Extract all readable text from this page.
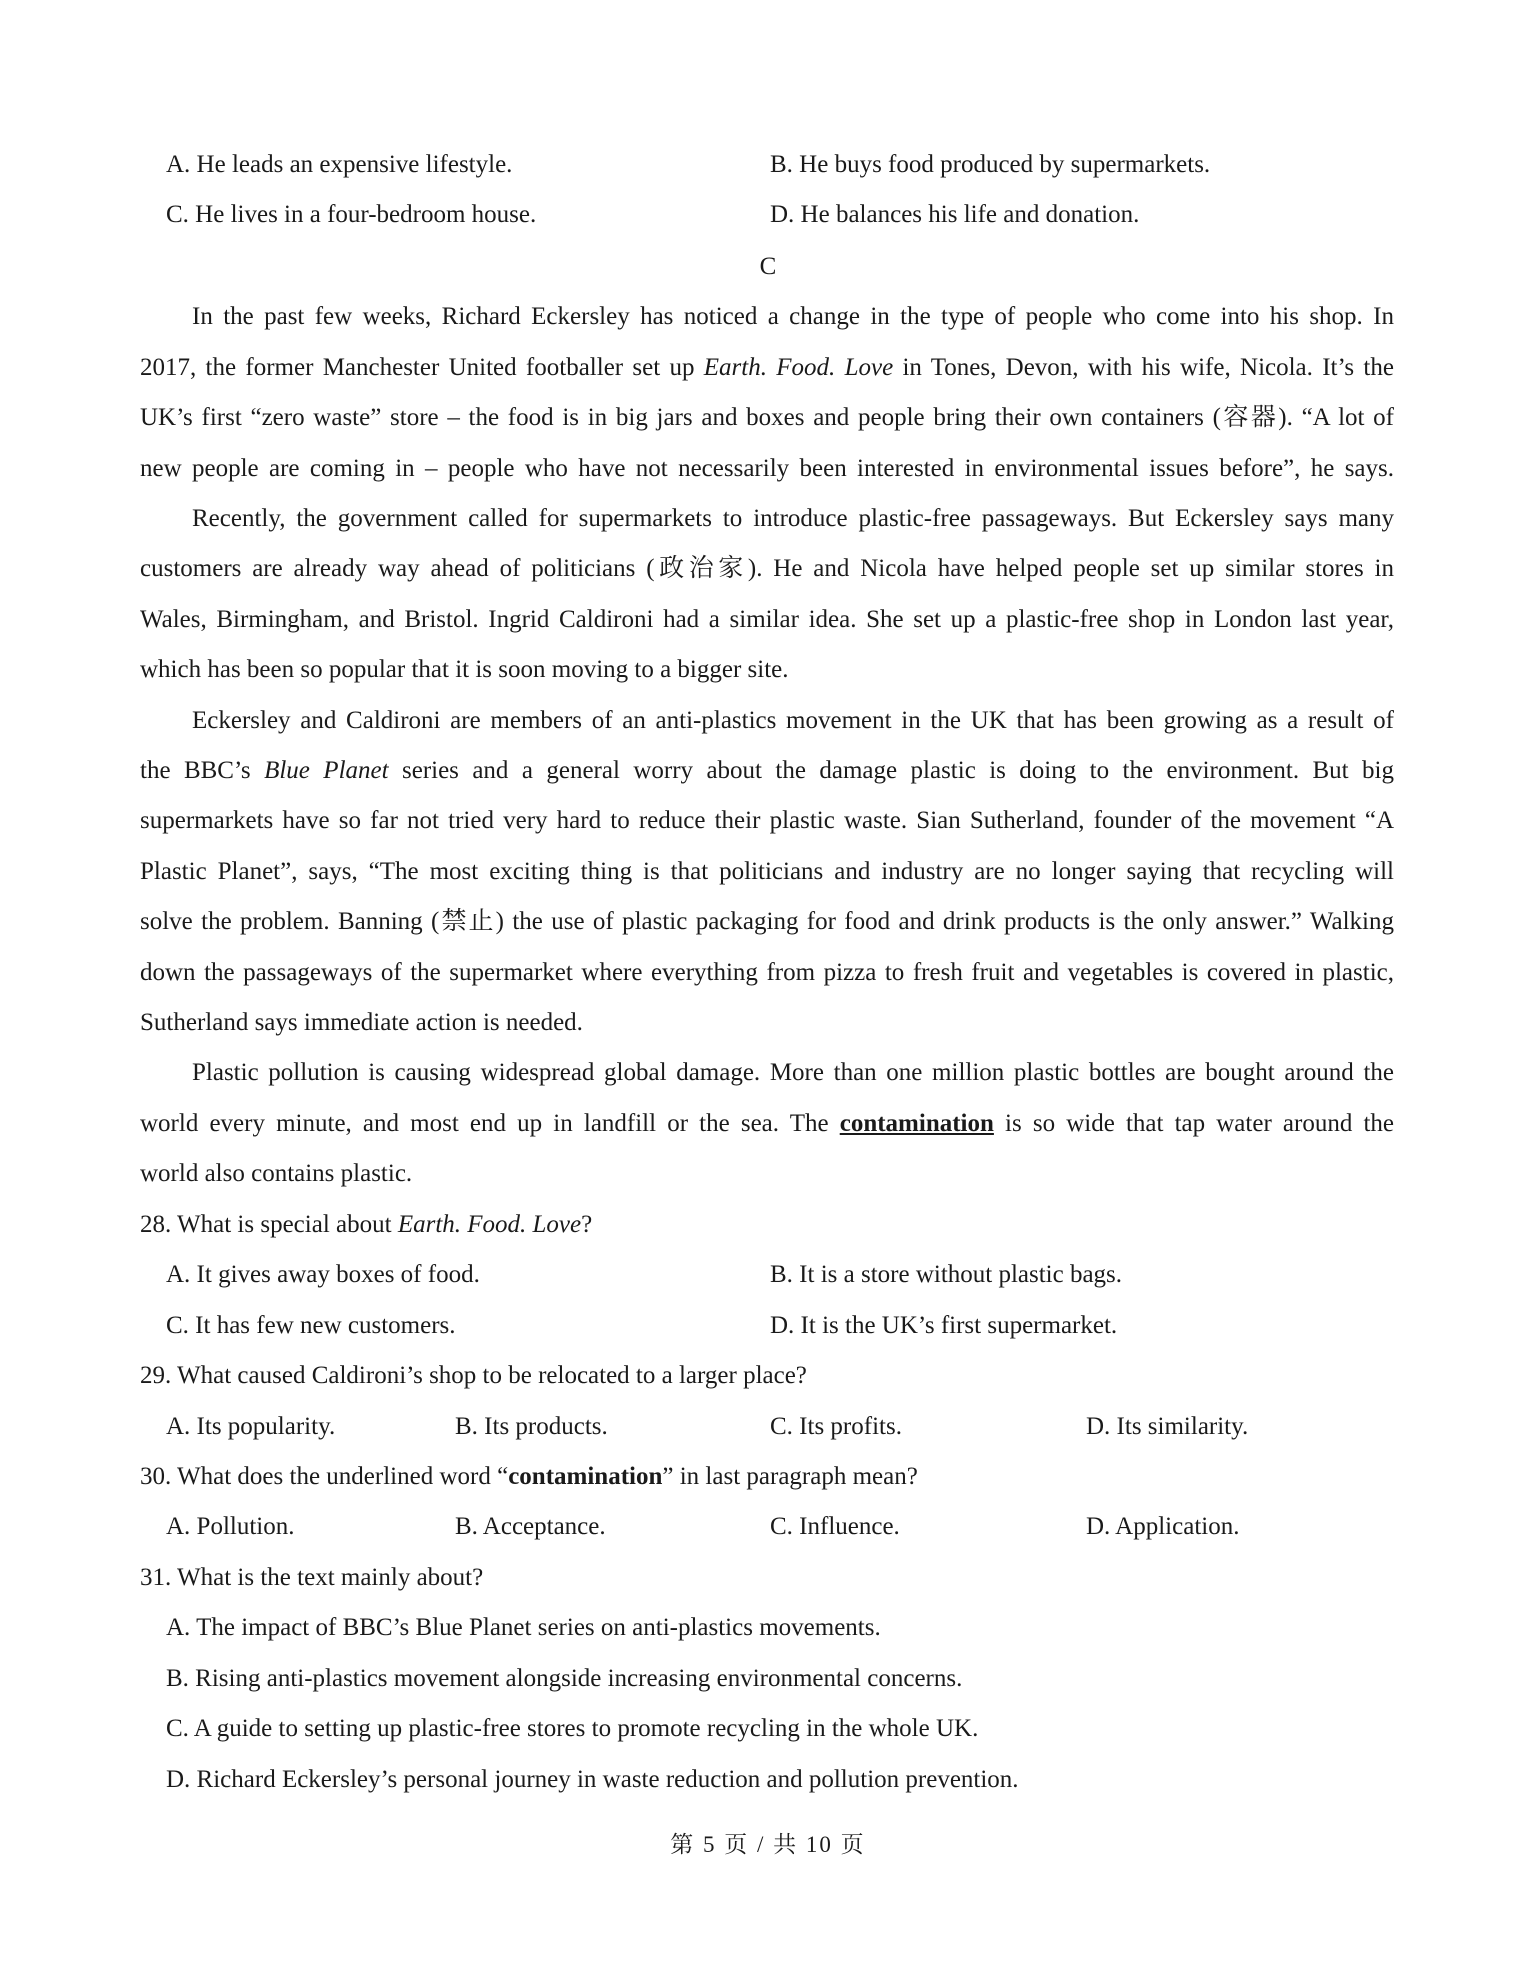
A. He leads an expensive lifestyle.	B. He buys food produced by supermarkets.
C. He lives in a four-bedroom house.	D. He balances his life and donation.
C
In the past few weeks, Richard Eckersley has noticed a change in the type of people who come into his shop. In
2017, the former Manchester United footballer set up Earth. Food. Love in Tones, Devon, with his wife, Nicola. It’s the
UK’s first “zero waste” store – the food is in big jars and boxes and people bring their own containers (容器). “A lot of
new people are coming in – people who have not necessarily been interested in environmental issues before”, he says.
Recently, the government called for supermarkets to introduce plastic-free passageways. But Eckersley says many
customers are already way ahead of politicians (政治家). He and Nicola have helped people set up similar stores in
Wales, Birmingham, and Bristol. Ingrid Caldironi had a similar idea. She set up a plastic-free shop in London last year,
which has been so popular that it is soon moving to a bigger site.
Eckersley and Caldironi are members of an anti-plastics movement in the UK that has been growing as a result of
the BBC’s Blue Planet series and a general worry about the damage plastic is doing to the environment. But big
supermarkets have so far not tried very hard to reduce their plastic waste. Sian Sutherland, founder of the movement “A
Plastic Planet”, says, “The most exciting thing is that politicians and industry are no longer saying that recycling will
solve the problem. Banning (禁止) the use of plastic packaging for food and drink products is the only answer.” Walking
down the passageways of the supermarket where everything from pizza to fresh fruit and vegetables is covered in plastic,
Sutherland says immediate action is needed.
Plastic pollution is causing widespread global damage. More than one million plastic bottles are bought around the
world every minute, and most end up in landfill or the sea. The contamination is so wide that tap water around the
world also contains plastic.
28. What is special about Earth. Food. Love?
A. It gives away boxes of food.	B. It is a store without plastic bags.
C. It has few new customers.	D. It is the UK’s first supermarket.
29. What caused Caldironi’s shop to be relocated to a larger place?
A. Its popularity.	B. Its products.	C. Its profits.	D. Its similarity.
30. What does the underlined word “contamination” in last paragraph mean?
A. Pollution.	B. Acceptance.	C. Influence.	D. Application.
31. What is the text mainly about?
A. The impact of BBC’s Blue Planet series on anti-plastics movements.
B. Rising anti-plastics movement alongside increasing environmental concerns.
C. A guide to setting up plastic-free stores to promote recycling in the whole UK.
D. Richard Eckersley’s personal journey in waste reduction and pollution prevention.
第 5 页 / 共 10 页
